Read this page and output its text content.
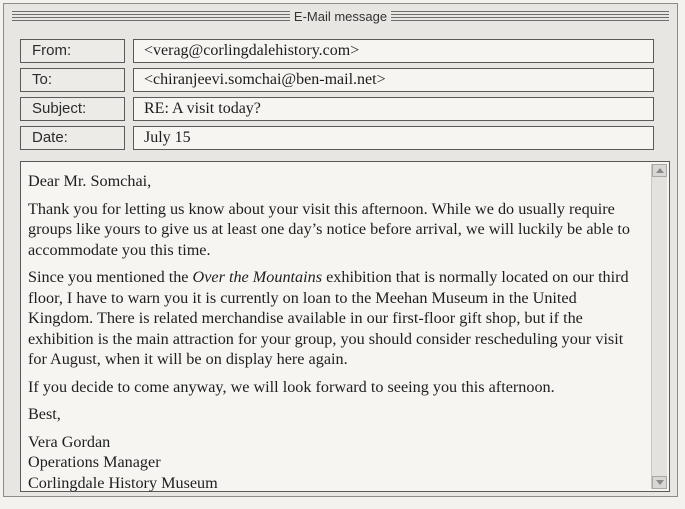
E-Mail message
From:	<verag@corlingdalehistory.com>
To:	<chiranjeevi.somchai@ben-mail.net>
Subject:	RE: A visit today?
Date:	July 15

Dear Mr. Somchai,

Thank you for letting us know about your visit this afternoon. While we do usually require groups like yours to give us at least one day’s notice before arrival, we will luckily be able to accommodate you this time.

Since you mentioned the Over the Mountains exhibition that is normally located on our third floor, I have to warn you it is currently on loan to the Meehan Museum in the United Kingdom. There is related merchandise available in our first-floor gift shop, but if the exhibition is the main attraction for your group, you should consider rescheduling your visit for August, when it will be on display here again.

If you decide to come anyway, we will look forward to seeing you this afternoon.

Best,

Vera Gordan
Operations Manager
Corlingdale History Museum
